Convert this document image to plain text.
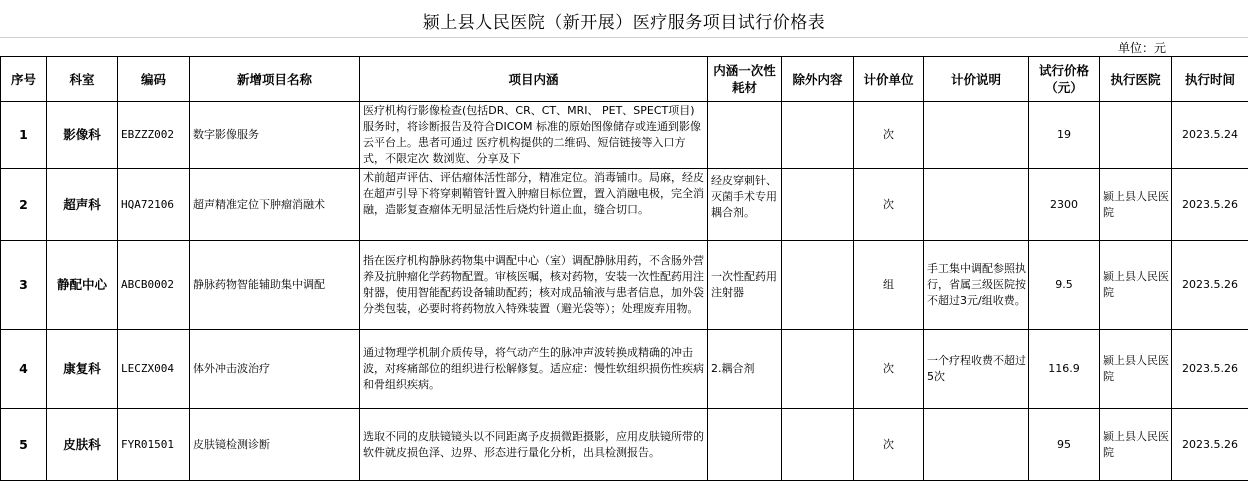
颍上县人民医院（新开展）医疗服务项目试行价格表
单位：元
序号	科室	编码	新增项目名称	项目内涵	内涵一次性耗材	除外内容	计价单位	计价说明	试行价格（元）	执行医院	执行时间
1	影像科	EBZZZ002	数字影像服务	医疗机构行影像检查(包括DR、CR、CT、MRI、 PET、SPECT项目)服务时，将诊断报告及符合DICOM 标准的原始图像储存或连通到影像云平台上。患者可通过 医疗机构提供的二维码、短信链接等入口方式，不限定次 数浏览、分享及下			次		19		2023.5.24
2	超声科	HQA72106	超声精准定位下肿瘤消融术	术前超声评估、评估瘤体活性部分，精准定位。消毒铺巾。局麻，经皮在超声引导下将穿刺鞘管针置入肿瘤目标位置，置入消融电极，完全消融，造影复查瘤体无明显活性后烧灼针道止血，缝合切口。	经皮穿刺针、灭菌手术专用耦合剂。		次		2300	颍上县人民医院	2023.5.26
3	静配中心	ABCB0002	静脉药物智能辅助集中调配	指在医疗机构静脉药物集中调配中心（室）调配静脉用药，不含肠外营养及抗肿瘤化学药物配置。审核医嘱，核对药物，安装一次性配药用注射器，使用智能配药设备辅助配药；核对成品输液与患者信息，加外袋分类包装，必要时将药物放入特殊装置（避光袋等）；处理废弃用物。	一次性配药用注射器		组	手工集中调配参照执行，省属三级医院按不超过3元/组收费。	9.5	颍上县人民医院	2023.5.26
4	康复科	LECZX004	体外冲击波治疗	通过物理学机制介质传导，将气动产生的脉冲声波转换成精确的冲击波，对疼痛部位的组织进行松解修复。适应症：慢性软组织损伤性疾病和骨组织疾病。	2.耦合剂		次	一个疗程收费不超过5次	116.9	颍上县人民医院	2023.5.26
5	皮肤科	FYR01501	皮肤镜检测诊断	选取不同的皮肤镜镜头以不同距离予皮损微距摄影，应用皮肤镜所带的软件就皮损色泽、边界、形态进行量化分析，出具检测报告。			次		95	颍上县人民医院	2023.5.26
